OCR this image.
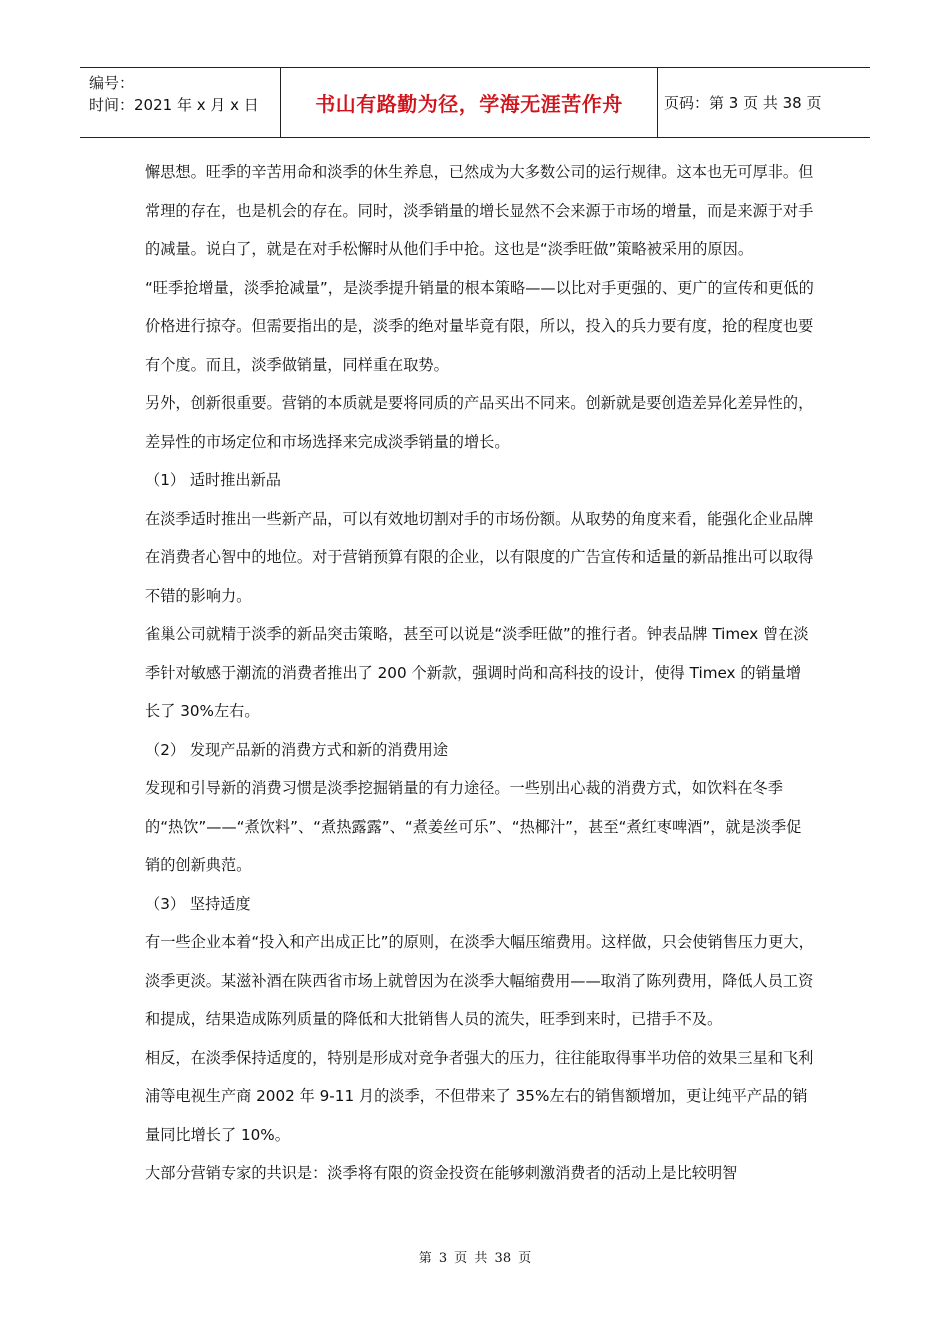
编号：
时间：2021 年 x 月 x 日	书山有路勤为径，学海无涯苦作舟	页码：第 3 页 共 38 页

懈思想。旺季的辛苦用命和淡季的休生养息，已然成为大多数公司的运行规律。这本也无可厚非。但常理的存在，也是机会的存在。同时，淡季销量的增长显然不会来源于市场的增量，而是来源于对手的减量。说白了，就是在对手松懈时从他们手中抢。这也是“淡季旺做”策略被采用的原因。

“旺季抢增量，淡季抢减量”，是淡季提升销量的根本策略——以比对手更强的、更广的宣传和更低的价格进行掠夺。但需要指出的是，淡季的绝对量毕竟有限，所以，投入的兵力要有度，抢的程度也要有个度。而且，淡季做销量，同样重在取势。

另外，创新很重要。营销的本质就是要将同质的产品买出不同来。创新就是要创造差异化差异性的，差异性的市场定位和市场选择来完成淡季销量的增长。

（1） 适时推出新品

在淡季适时推出一些新产品，可以有效地切割对手的市场份额。从取势的角度来看，能强化企业品牌在消费者心智中的地位。对于营销预算有限的企业，以有限度的广告宣传和适量的新品推出可以取得不错的影响力。

雀巢公司就精于淡季的新品突击策略，甚至可以说是“淡季旺做”的推行者。钟表品牌 Timex 曾在淡季针对敏感于潮流的消费者推出了 200 个新款，强调时尚和高科技的设计，使得 Timex 的销量增长了 30%左右。

（2） 发现产品新的消费方式和新的消费用途

发现和引导新的消费习惯是淡季挖掘销量的有力途径。一些别出心裁的消费方式，如饮料在冬季的“热饮”——“煮饮料”、“煮热露露”、“煮姜丝可乐”、“热椰汁”，甚至“煮红枣啤酒”，就是淡季促销的创新典范。

（3） 坚持适度

有一些企业本着“投入和产出成正比”的原则，在淡季大幅压缩费用。这样做，只会使销售压力更大，淡季更淡。某滋补酒在陕西省市场上就曾因为在淡季大幅缩费用——取消了陈列费用，降低人员工资和提成，结果造成陈列质量的降低和大批销售人员的流失，旺季到来时，已措手不及。

相反，在淡季保持适度的，特别是形成对竞争者强大的压力，往往能取得事半功倍的效果三星和飞利浦等电视生产商 2002 年 9-11 月的淡季，不但带来了 35%左右的销售额增加，更让纯平产品的销量同比增长了 10%。

大部分营销专家的共识是：淡季将有限的资金投资在能够刺激消费者的活动上是比较明智

第 3 页 共 38 页
